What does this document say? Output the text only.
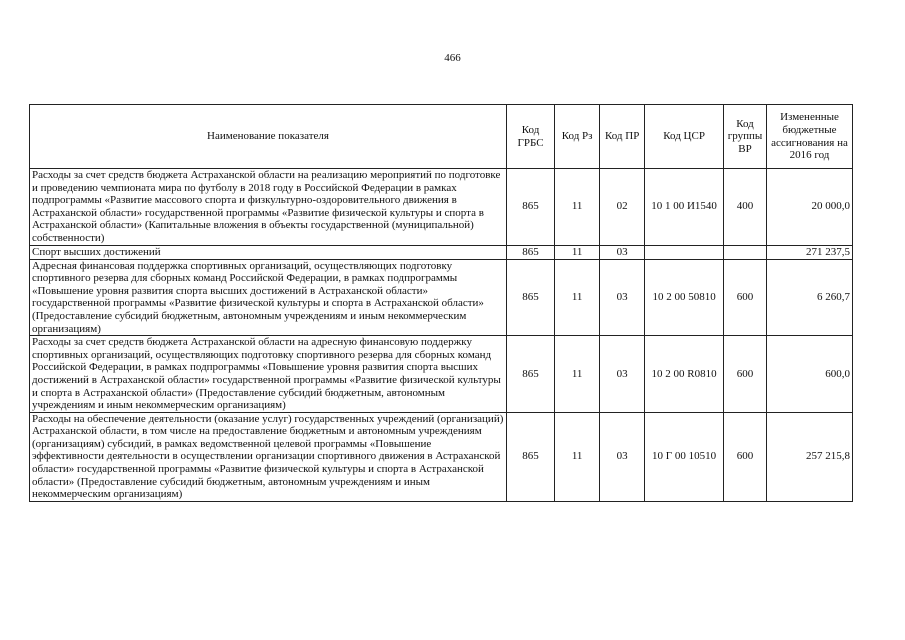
466
Наименование показателя	Код ГРБС	Код Рз	Код ПР	Код ЦСР	Код группы ВР	Измененные бюджетные ассигнования на 2016 год
Расходы за счет средств бюджета Астраханской области на реализацию мероприятий по подготовке и проведению чемпионата мира по футболу в 2018 году в Российской Федерации в рамках подпрограммы «Развитие массового спорта и физкультурно-оздоровительного движения в Астраханской области» государственной программы «Развитие физической культуры и спорта в Астраханской области» (Капитальные вложения в объекты государственной (муниципальной) собственности)	865	11	02	10 1 00 И1540	400	20 000,0
Спорт высших достижений	865	11	03			271 237,5
Адресная финансовая поддержка спортивных организаций, осуществляющих подготовку спортивного резерва для сборных команд Российской Федерации, в рамках подпрограммы «Повышение уровня развития спорта высших достижений в Астраханской области» государственной программы «Развитие физической культуры и спорта в Астраханской области» (Предоставление субсидий бюджетным, автономным учреждениям и иным некоммерческим организациям)	865	11	03	10 2 00 50810	600	6 260,7
Расходы за счет средств бюджета Астраханской области на адресную финансовую поддержку спортивных организаций, осуществляющих подготовку спортивного резерва для сборных команд Российской Федерации, в рамках подпрограммы «Повышение уровня развития спорта высших достижений в Астраханской области» государственной программы «Развитие физической культуры и спорта в Астраханской области» (Предоставление субсидий бюджетным, автономным учреждениям и иным некоммерческим организациям)	865	11	03	10 2 00 R0810	600	600,0
Расходы на обеспечение деятельности (оказание услуг) государственных учреждений (организаций) Астраханской области, в том числе на предоставление бюджетным и автономным учреждениям (организациям) субсидий, в рамках ведомственной целевой программы «Повышение эффективности деятельности в осуществлении организации спортивного движения в Астраханской области» государственной программы «Развитие физической культуры и спорта в Астраханской области» (Предоставление субсидий бюджетным, автономным учреждениям и иным некоммерческим организациям)	865	11	03	10 Г 00 10510	600	257 215,8
